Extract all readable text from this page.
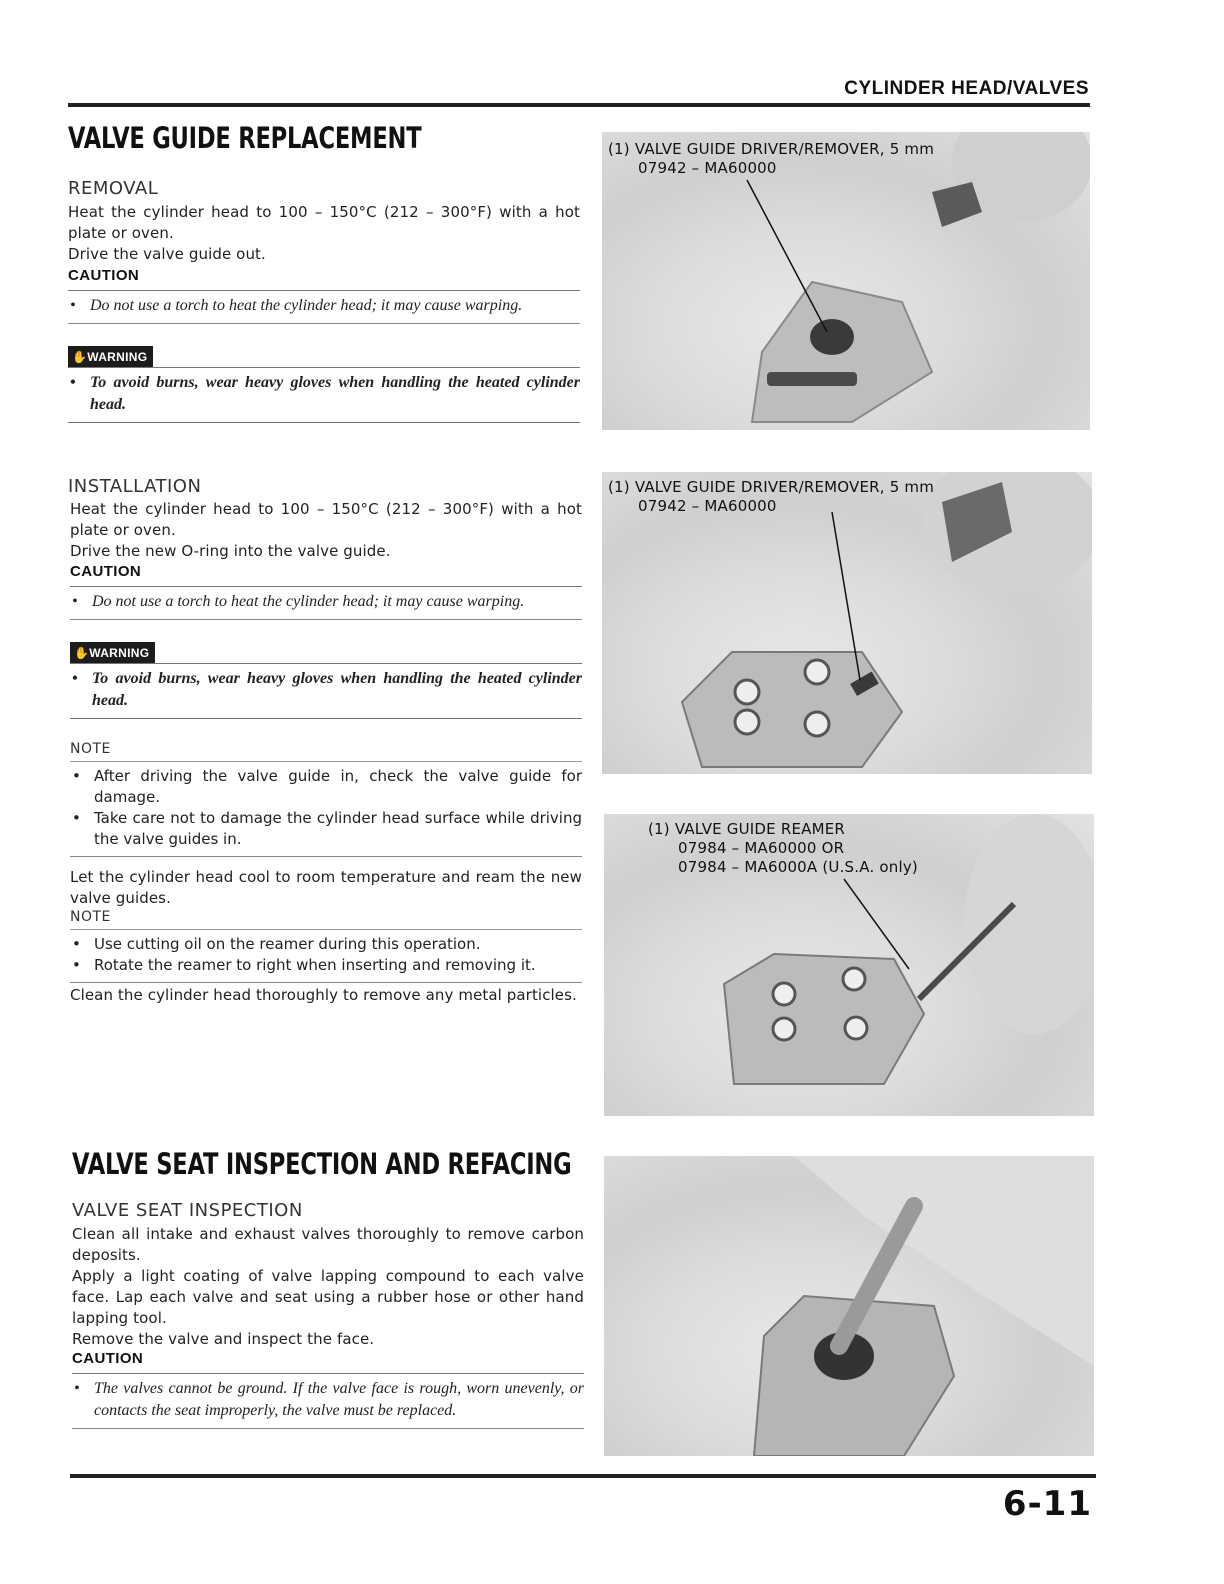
CYLINDER HEAD/VALVES
VALVE GUIDE REPLACEMENT
REMOVAL

Heat the cylinder head to 100 – 150°C (212 – 300°F) with a hot plate or oven.

Drive the valve guide out.

CAUTION

• Do not use a torch to heat the cylinder head; it may cause warping.

✋WARNING

• To avoid burns, wear heavy gloves when handling the heated cylinder head.

INSTALLATION

Heat the cylinder head to 100 – 150°C (212 – 300°F) with a hot plate or oven.

Drive the new O-ring into the valve guide.

CAUTION

• Do not use a torch to heat the cylinder head; it may cause warping.

✋WARNING

• To avoid burns, wear heavy gloves when handling the heated cylinder head.

NOTE

• After driving the valve guide in, check the valve guide for damage.

• Take care not to damage the cylinder head surface while driving the valve guides in.

Let the cylinder head cool to room temperature and ream the new valve guides.

NOTE

• Use cutting oil on the reamer during this operation.

• Rotate the reamer to right when inserting and removing it.

Clean the cylinder head thoroughly to remove any metal particles.

VALVE SEAT INSPECTION AND REFACING
VALVE SEAT INSPECTION

Clean all intake and exhaust valves thoroughly to remove carbon deposits.

Apply a light coating of valve lapping compound to each valve face. Lap each valve and seat using a rubber hose or other hand lapping tool.

Remove the valve and inspect the face.

CAUTION

• The valves cannot be ground. If the valve face is rough, worn unevenly, or contacts the seat improperly, the valve must be replaced.

(1) VALVE GUIDE DRIVER/REMOVER, 5 mm
07942 – MA60000
(1) VALVE GUIDE DRIVER/REMOVER, 5 mm
07942 – MA60000
(1) VALVE GUIDE REAMER
07984 – MA60000 OR
07984 – MA6000A (U.S.A. only)
6-11
